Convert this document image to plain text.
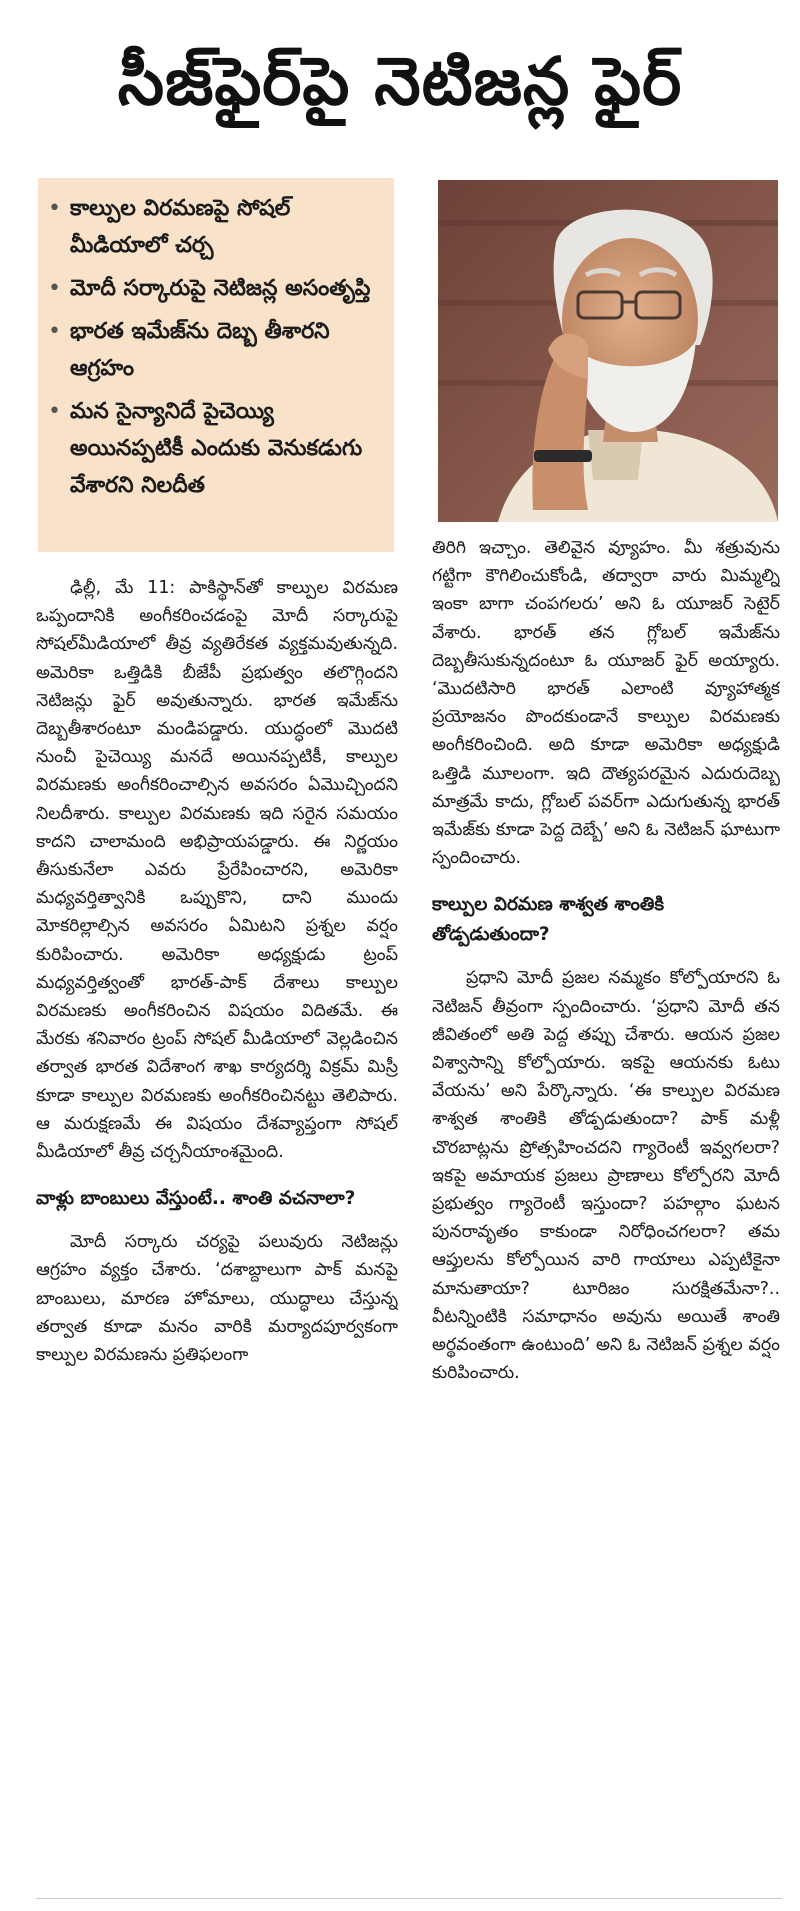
సీజ్‌ఫైర్‌పై నెటిజన్ల ఫైర్
• కాల్పుల విరమణపై సోషల్ మీడియాలో చర్చ
• మోదీ సర్కారుపై నెటిజన్ల అసంతృప్తి
• భారత ఇమేజ్‌ను దెబ్బ తీశారని ఆగ్రహం
• మన సైన్యానిదే పైచెయ్యి అయినప్పటికీ ఎందుకు వెనుకడుగు వేశారని నిలదీత

ఢిల్లీ, మే 11: పాకిస్థాన్‌తో కాల్పుల విరమణ ఒప్పందానికి అంగీకరించడంపై మోదీ సర్కారుపై సోషల్‌మీడియాలో తీవ్ర వ్యతిరేకత వ్యక్తమవుతున్నది. అమెరికా ఒత్తిడికి బీజేపీ ప్రభుత్వం తలొగ్గిందని నెటిజన్లు ఫైర్ అవుతున్నారు. భారత ఇమేజ్‌ను దెబ్బతీశారంటూ మండిపడ్డారు. యుద్ధంలో మొదటి నుంచీ పైచెయ్యి మనదే అయినప్పటికీ, కాల్పుల విరమణకు అంగీకరించాల్సిన అవసరం ఏమొచ్చిందని నిలదీశారు. కాల్పుల విరమణకు ఇది సరైన సమయం కాదని చాలామంది అభిప్రాయపడ్డారు. ఈ నిర్ణయం తీసుకునేలా ఎవరు ప్రేరేపించారని, అమెరికా మధ్యవర్తిత్వానికి ఒప్పుకొని, దాని ముందు మోకరిల్లాల్సిన అవసరం ఏమిటని ప్రశ్నల వర్షం కురిపించారు. అమెరికా అధ్యక్షుడు ట్రంప్ మధ్యవర్తిత్వంతో భారత్-పాక్ దేశాలు కాల్పుల విరమణకు అంగీకరించిన విషయం విదితమే. ఈ మేరకు శనివారం ట్రంప్ సోషల్ మీడియాలో వెల్లడించిన తర్వాత భారత విదేశాంగ శాఖ కార్యదర్శి విక్రమ్ మిస్రీ కూడా కాల్పుల విరమణకు అంగీకరించినట్టు తెలిపారు. ఆ మరుక్షణమే ఈ విషయం దేశవ్యాప్తంగా సోషల్ మీడియాలో తీవ్ర చర్చనీయాంశమైంది.

వాళ్లు బాంబులు వేస్తుంటే.. శాంతి వచనాలా?

మోదీ సర్కారు చర్యపై పలువురు నెటిజన్లు ఆగ్రహం వ్యక్తం చేశారు. ‘దశాబ్దాలుగా పాక్ మనపై బాంబులు, మారణ హోమాలు, యుద్ధాలు చేస్తున్న తర్వాత కూడా మనం వారికి మర్యాదపూర్వకంగా కాల్పుల విరమణను ప్రతిఫలంగా

తిరిగి ఇచ్చాం. తెలివైన వ్యూహం. మీ శత్రువును గట్టిగా కౌగిలించుకోండి, తద్వారా వారు మిమ్మల్ని ఇంకా బాగా చంపగలరు’ అని ఓ యూజర్ సెటైర్ వేశారు. భారత్ తన గ్లోబల్ ఇమేజ్‌ను దెబ్బతీసుకున్నదంటూ ఓ యూజర్ ఫైర్ అయ్యారు. ‘మొదటిసారి భారత్ ఎలాంటి వ్యూహాత్మక ప్రయోజనం పొందకుండానే కాల్పుల విరమణకు అంగీకరించింది. అది కూడా అమెరికా అధ్యక్షుడి ఒత్తిడి మూలంగా. ఇది దౌత్యపరమైన ఎదురుదెబ్బ మాత్రమే కాదు, గ్లోబల్ పవర్‌గా ఎదుగుతున్న భారత్ ఇమేజ్‌కు కూడా పెద్ద దెబ్బే’ అని ఓ నెటిజన్ ఘాటుగా స్పందించారు.

కాల్పుల విరమణ శాశ్వత శాంతికి తోడ్పడుతుందా?

ప్రధాని మోదీ ప్రజల నమ్మకం కోల్పోయారని ఓ నెటిజన్ తీవ్రంగా స్పందించారు. ‘ప్రధాని మోదీ తన జీవితంలో అతి పెద్ద తప్పు చేశారు. ఆయన ప్రజల విశ్వాసాన్ని కోల్పోయారు. ఇకపై ఆయనకు ఓటు వేయను’ అని పేర్కొన్నారు. ‘ఈ కాల్పుల విరమణ శాశ్వత శాంతికి తోడ్పడుతుందా? పాక్ మళ్లీ చొరబాట్లను ప్రోత్సహించదని గ్యారెంటీ ఇవ్వగలరా? ఇకపై అమాయక ప్రజలు ప్రాణాలు కోల్పోరని మోదీ ప్రభుత్వం గ్యారెంటీ ఇస్తుందా? పహల్గాం ఘటన పునరావృతం కాకుండా నిరోధించగలరా? తమ ఆప్తులను కోల్పోయిన వారి గాయాలు ఎప్పటికైనా మానుతాయా? టూరిజం సురక్షితమేనా?.. వీటన్నింటికి సమాధానం అవును అయితే శాంతి అర్థవంతంగా ఉంటుంది’ అని ఓ నెటిజన్ ప్రశ్నల వర్షం కురిపించారు.
